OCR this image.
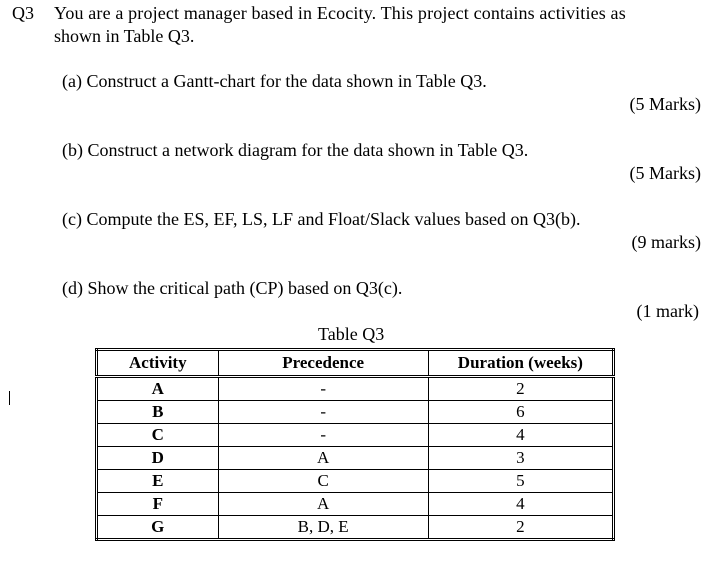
Q3 You are a project manager based in Ecocity. This project contains activities as
shown in Table Q3.
(a) Construct a Gantt-chart for the data shown in Table Q3.
(5 Marks)
(b) Construct a network diagram for the data shown in Table Q3.
(5 Marks)
(c) Compute the ES, EF, LS, LF and Float/Slack values based on Q3(b).
(9 marks)
(d) Show the critical path (CP) based on Q3(c).
(1 mark)
Table Q3
Activity	Precedence	Duration (weeks)
A	-	2
B	-	6
C	-	4
D	A	3
E	C	5
F	A	4
G	B, D, E	2
